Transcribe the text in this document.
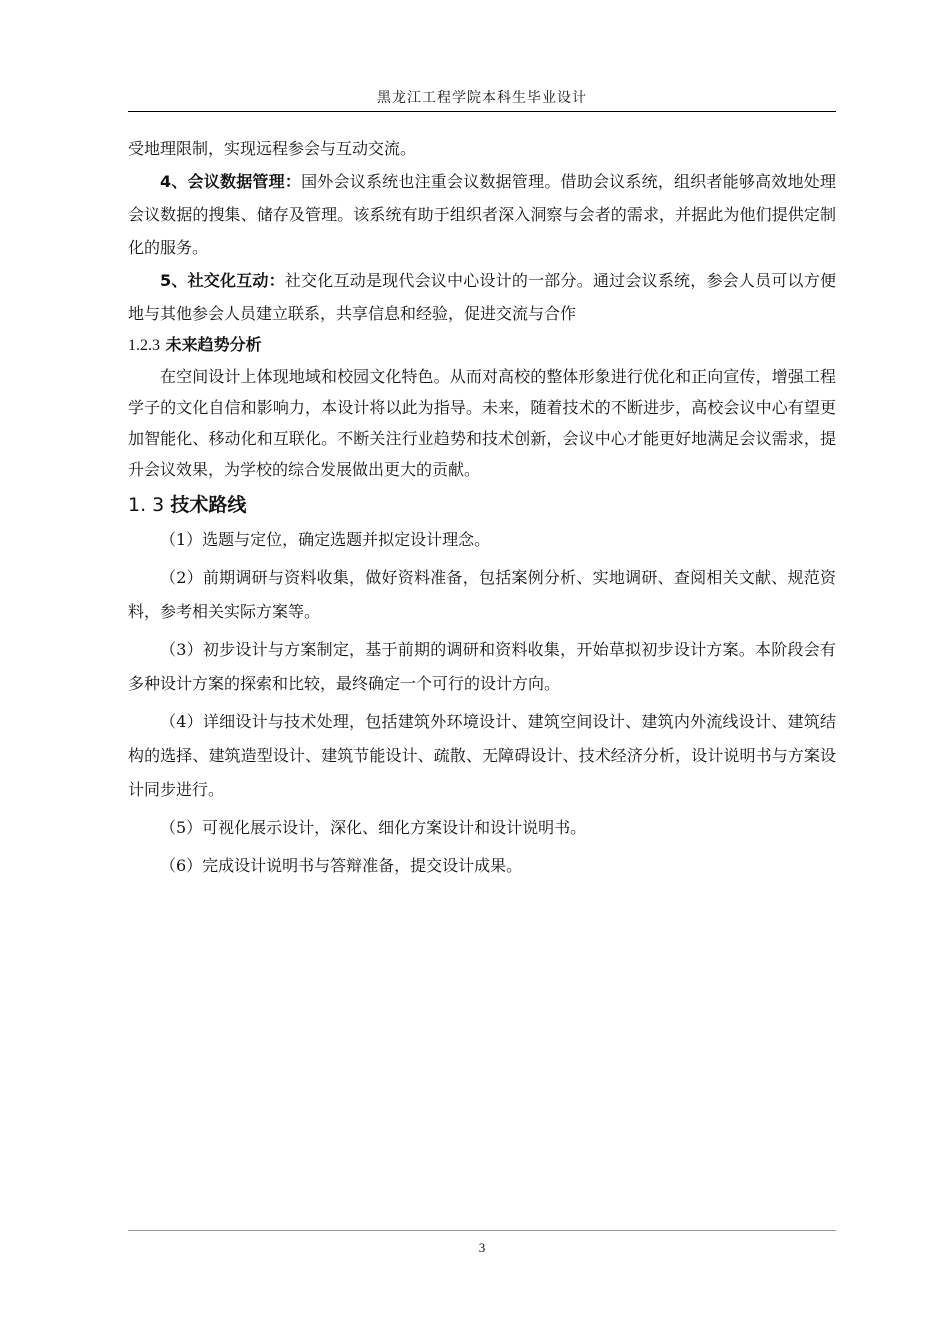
黑龙江工程学院本科生毕业设计

受地理限制，实现远程参会与互动交流。

4、会议数据管理：国外会议系统也注重会议数据管理。借助会议系统，组织者能够高效地处理会议数据的搜集、储存及管理。该系统有助于组织者深入洞察与会者的需求，并据此为他们提供定制化的服务。

5、社交化互动：社交化互动是现代会议中心设计的一部分。通过会议系统，参会人员可以方便地与其他参会人员建立联系，共享信息和经验，促进交流与合作

1.2.3 未来趋势分析

在空间设计上体现地域和校园文化特色。从而对高校的整体形象进行优化和正向宣传，增强工程学子的文化自信和影响力，本设计将以此为指导。未来，随着技术的不断进步，高校会议中心有望更加智能化、移动化和互联化。不断关注行业趋势和技术创新，会议中心才能更好地满足会议需求，提升会议效果，为学校的综合发展做出更大的贡献。

1. 3 技术路线

（1）选题与定位，确定选题并拟定设计理念。

（2）前期调研与资料收集，做好资料准备，包括案例分析、实地调研、查阅相关文献、规范资料，参考相关实际方案等。

（3）初步设计与方案制定，基于前期的调研和资料收集，开始草拟初步设计方案。本阶段会有多种设计方案的探索和比较，最终确定一个可行的设计方向。

（4）详细设计与技术处理，包括建筑外环境设计、建筑空间设计、建筑内外流线设计、建筑结构的选择、建筑造型设计、建筑节能设计、疏散、无障碍设计、技术经济分析，设计说明书与方案设计同步进行。

（5）可视化展示设计，深化、细化方案设计和设计说明书。

（6）完成设计说明书与答辩准备，提交设计成果。

3
